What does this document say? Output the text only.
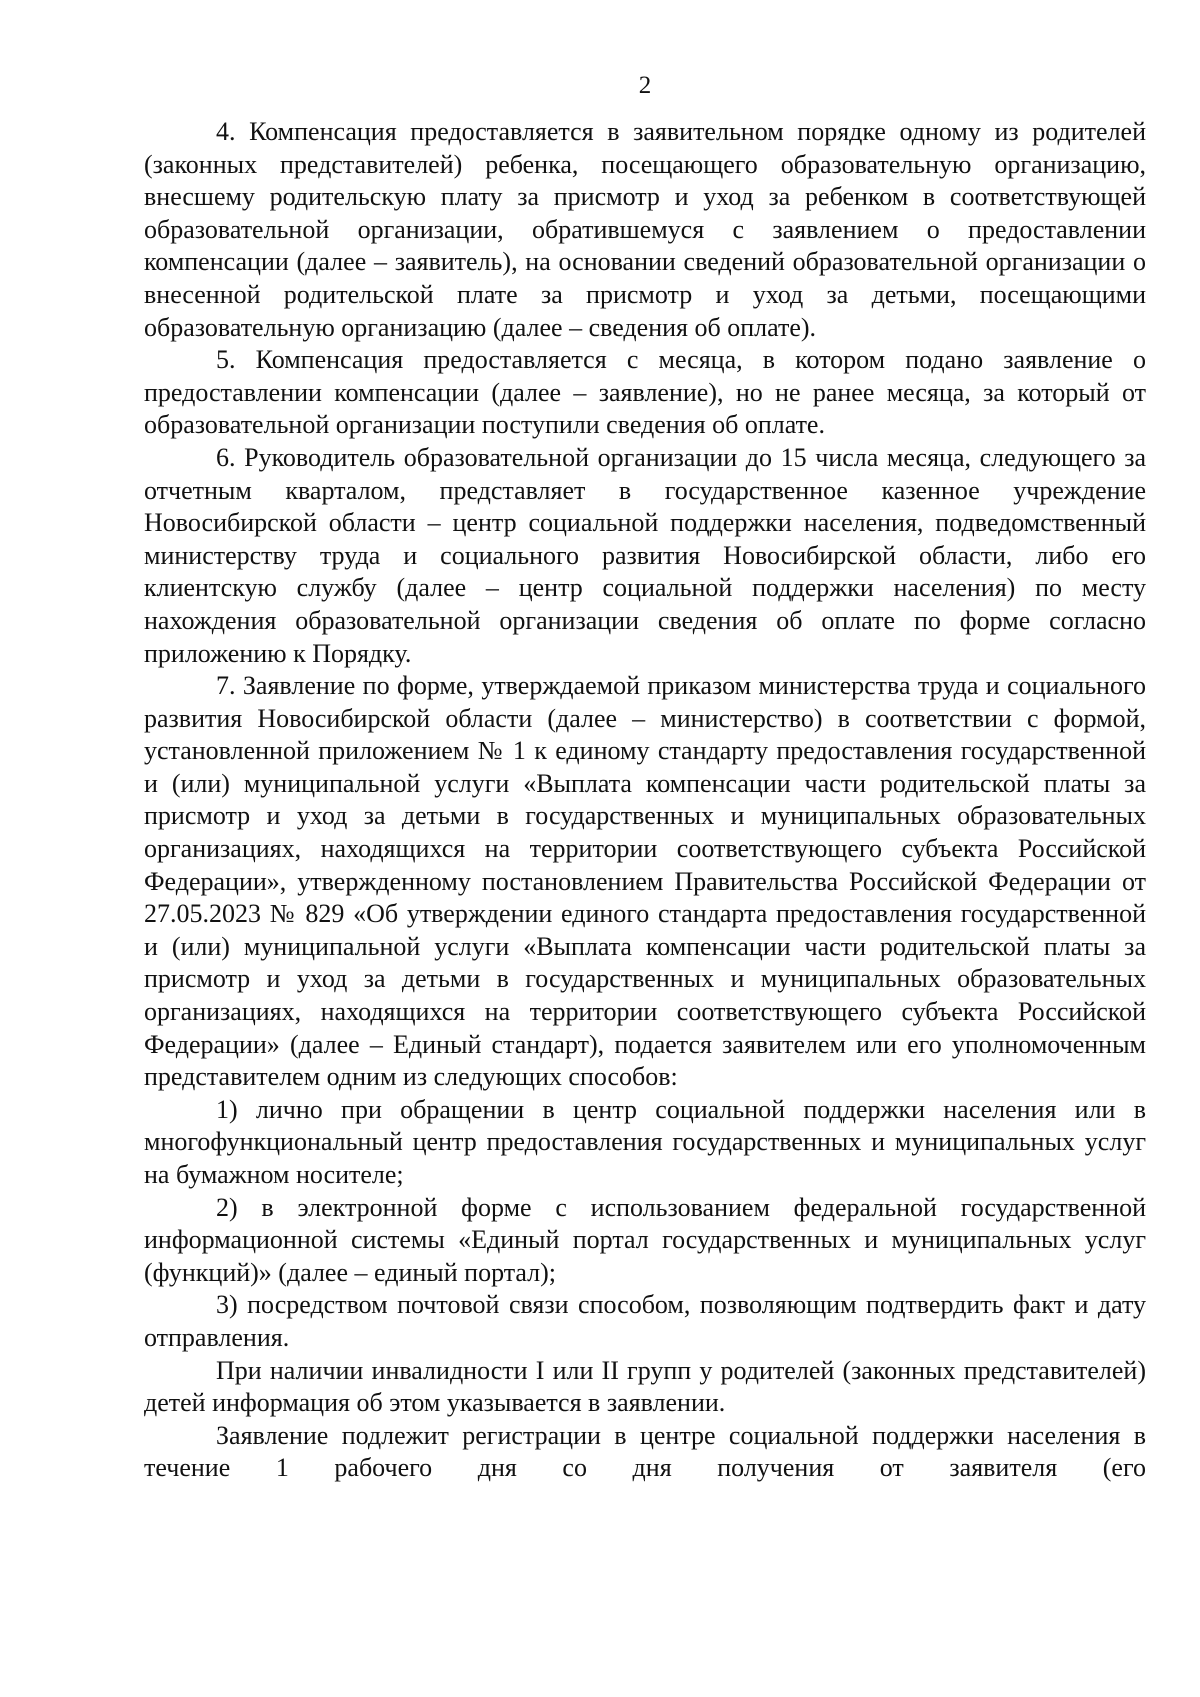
2

4. Компенсация предоставляется в заявительном порядке одному из родителей (законных представителей) ребенка, посещающего образовательную организацию, внесшему родительскую плату за присмотр и уход за ребенком в соответствующей образовательной организации, обратившемуся с заявлением о предоставлении компенсации (далее – заявитель), на основании сведений образовательной организации о внесенной родительской плате за присмотр и уход за детьми, посещающими образовательную организацию (далее – сведения об оплате).

5. Компенсация предоставляется с месяца, в котором подано заявление о предоставлении компенсации (далее – заявление), но не ранее месяца, за который от образовательной организации поступили сведения об оплате.

6. Руководитель образовательной организации до 15 числа месяца, следующего за отчетным кварталом, представляет в государственное казенное учреждение Новосибирской области – центр социальной поддержки населения, подведомственный министерству труда и социального развития Новосибирской области, либо его клиентскую службу (далее – центр социальной поддержки населения) по месту нахождения образовательной организации сведения об оплате по форме согласно приложению к Порядку.

7. Заявление по форме, утверждаемой приказом министерства труда и социального развития Новосибирской области (далее – министерство) в соответствии с формой, установленной приложением № 1 к единому стандарту предоставления государственной и (или) муниципальной услуги «Выплата компенсации части родительской платы за присмотр и уход за детьми в государственных и муниципальных образовательных организациях, находящихся на территории соответствующего субъекта Российской Федерации», утвержденному постановлением Правительства Российской Федерации от 27.05.2023 № 829 «Об утверждении единого стандарта предоставления государственной и (или) муниципальной услуги «Выплата компенсации части родительской платы за присмотр и уход за детьми в государственных и муниципальных образовательных организациях, находящихся на территории соответствующего субъекта Российской Федерации» (далее – Единый стандарт), подается заявителем или его уполномоченным представителем одним из следующих способов:

1) лично при обращении в центр социальной поддержки населения или в многофункциональный центр предоставления государственных и муниципальных услуг на бумажном носителе;

2) в электронной форме с использованием федеральной государственной информационной системы «Единый портал государственных и муниципальных услуг (функций)» (далее – единый портал);

3) посредством почтовой связи способом, позволяющим подтвердить факт и дату отправления.

При наличии инвалидности I или II групп у родителей (законных представителей) детей информация об этом указывается в заявлении.

Заявление подлежит регистрации в центре социальной поддержки населения в течение 1 рабочего дня со дня получения от заявителя (его
